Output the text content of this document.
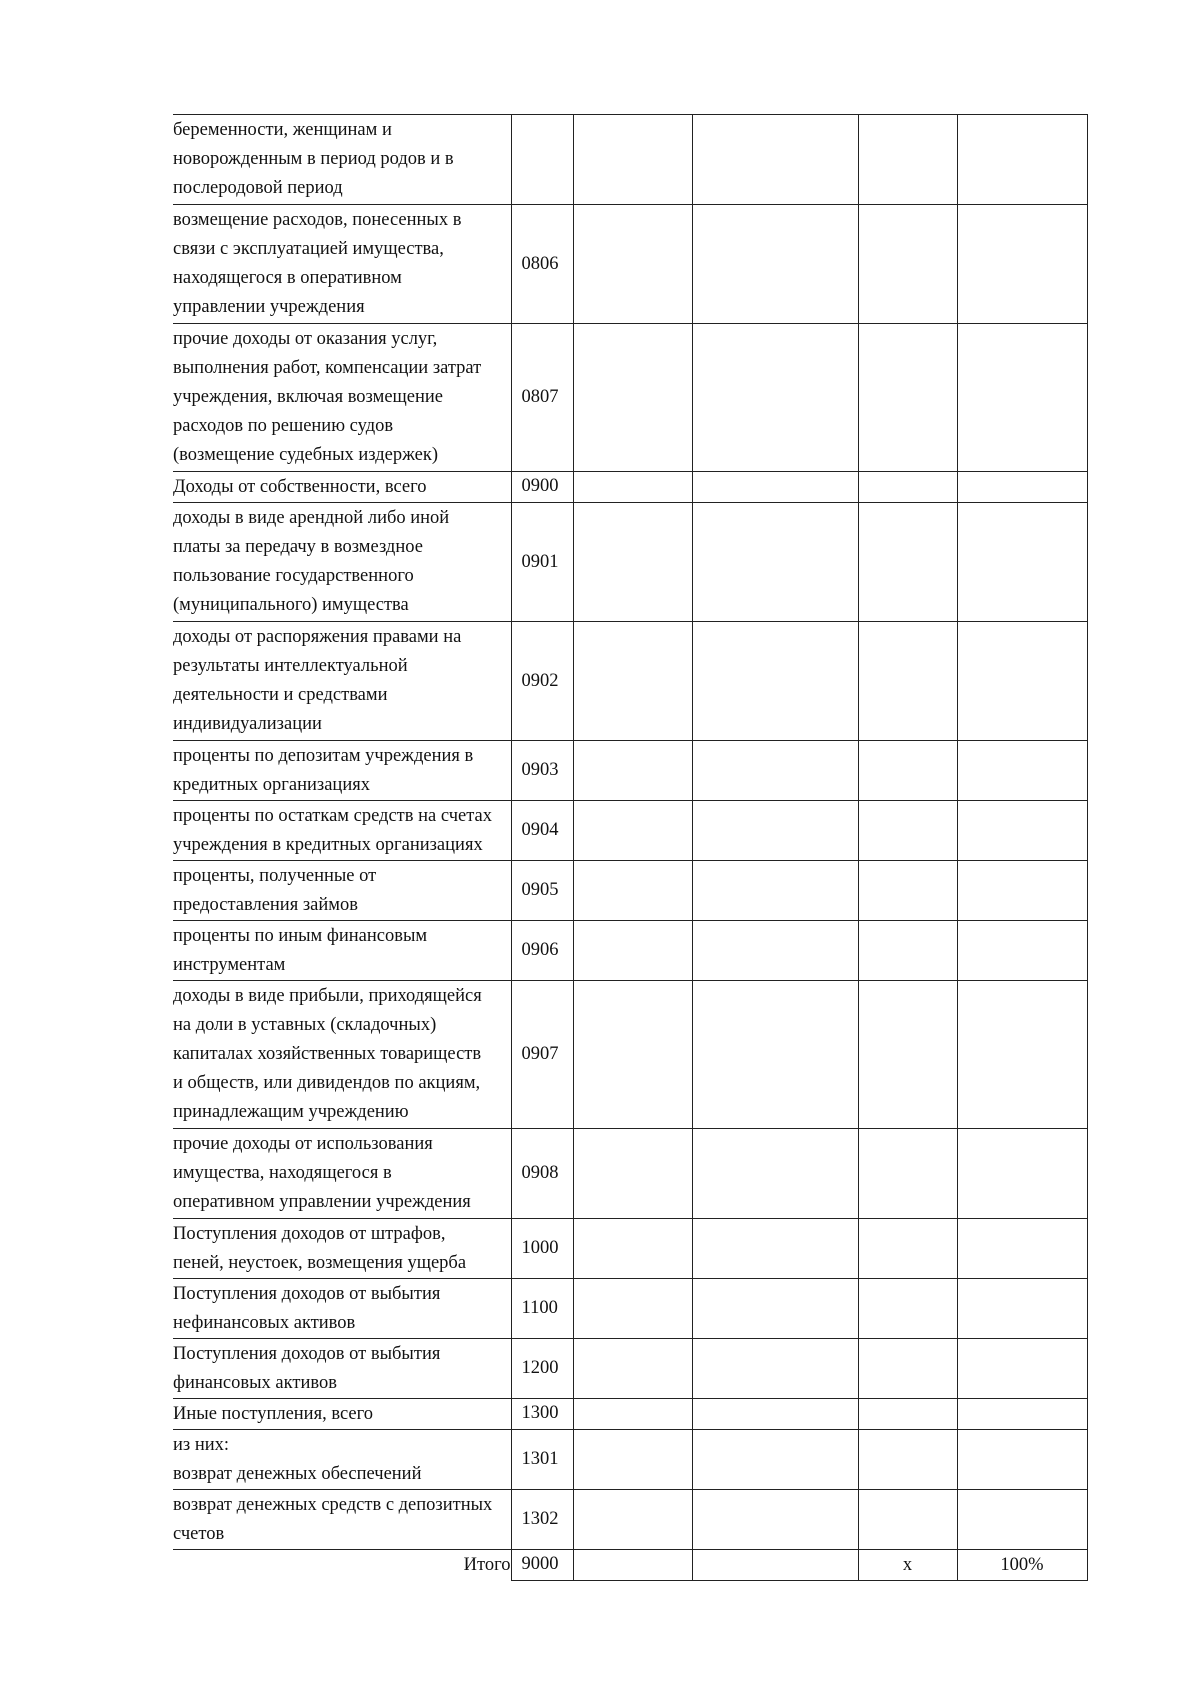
беременности, женщинам и
новорожденным в период родов и в
послеродовой период					

возмещение расходов, понесенных в
связи с эксплуатацией имущества,
находящегося в оперативном
управлении учреждения	0806				

прочие доходы от оказания услуг,
выполнения работ, компенсации затрат
учреждения, включая возмещение
расходов по решению судов
(возмещение судебных издержек)	0807				

Доходы от собственности, всего	0900				

доходы в виде арендной либо иной
платы за передачу в возмездное
пользование государственного
(муниципального) имущества	0901				

доходы от распоряжения правами на
результаты интеллектуальной
деятельности и средствами
индивидуализации	0902				

проценты по депозитам учреждения в
кредитных организациях	0903				

проценты по остаткам средств на счетах
учреждения в кредитных организациях	0904				

проценты, полученные от
предоставления займов	0905				

проценты по иным финансовым
инструментам	0906				

доходы в виде прибыли, приходящейся
на доли в уставных (складочных)
капиталах хозяйственных товариществ
и обществ, или дивидендов по акциям,
принадлежащим учреждению	0907				

прочие доходы от использования
имущества, находящегося в
оперативном управлении учреждения	0908				

Поступления доходов от штрафов,
пеней, неустоек, возмещения ущерба	1000				

Поступления доходов от выбытия
нефинансовых активов	1100				

Поступления доходов от выбытия
финансовых активов	1200				

Иные поступления, всего	1300				

из них:
возврат денежных обеспечений	1301				

возврат денежных средств с депозитных
счетов	1302				
Итого	9000			x	100%
